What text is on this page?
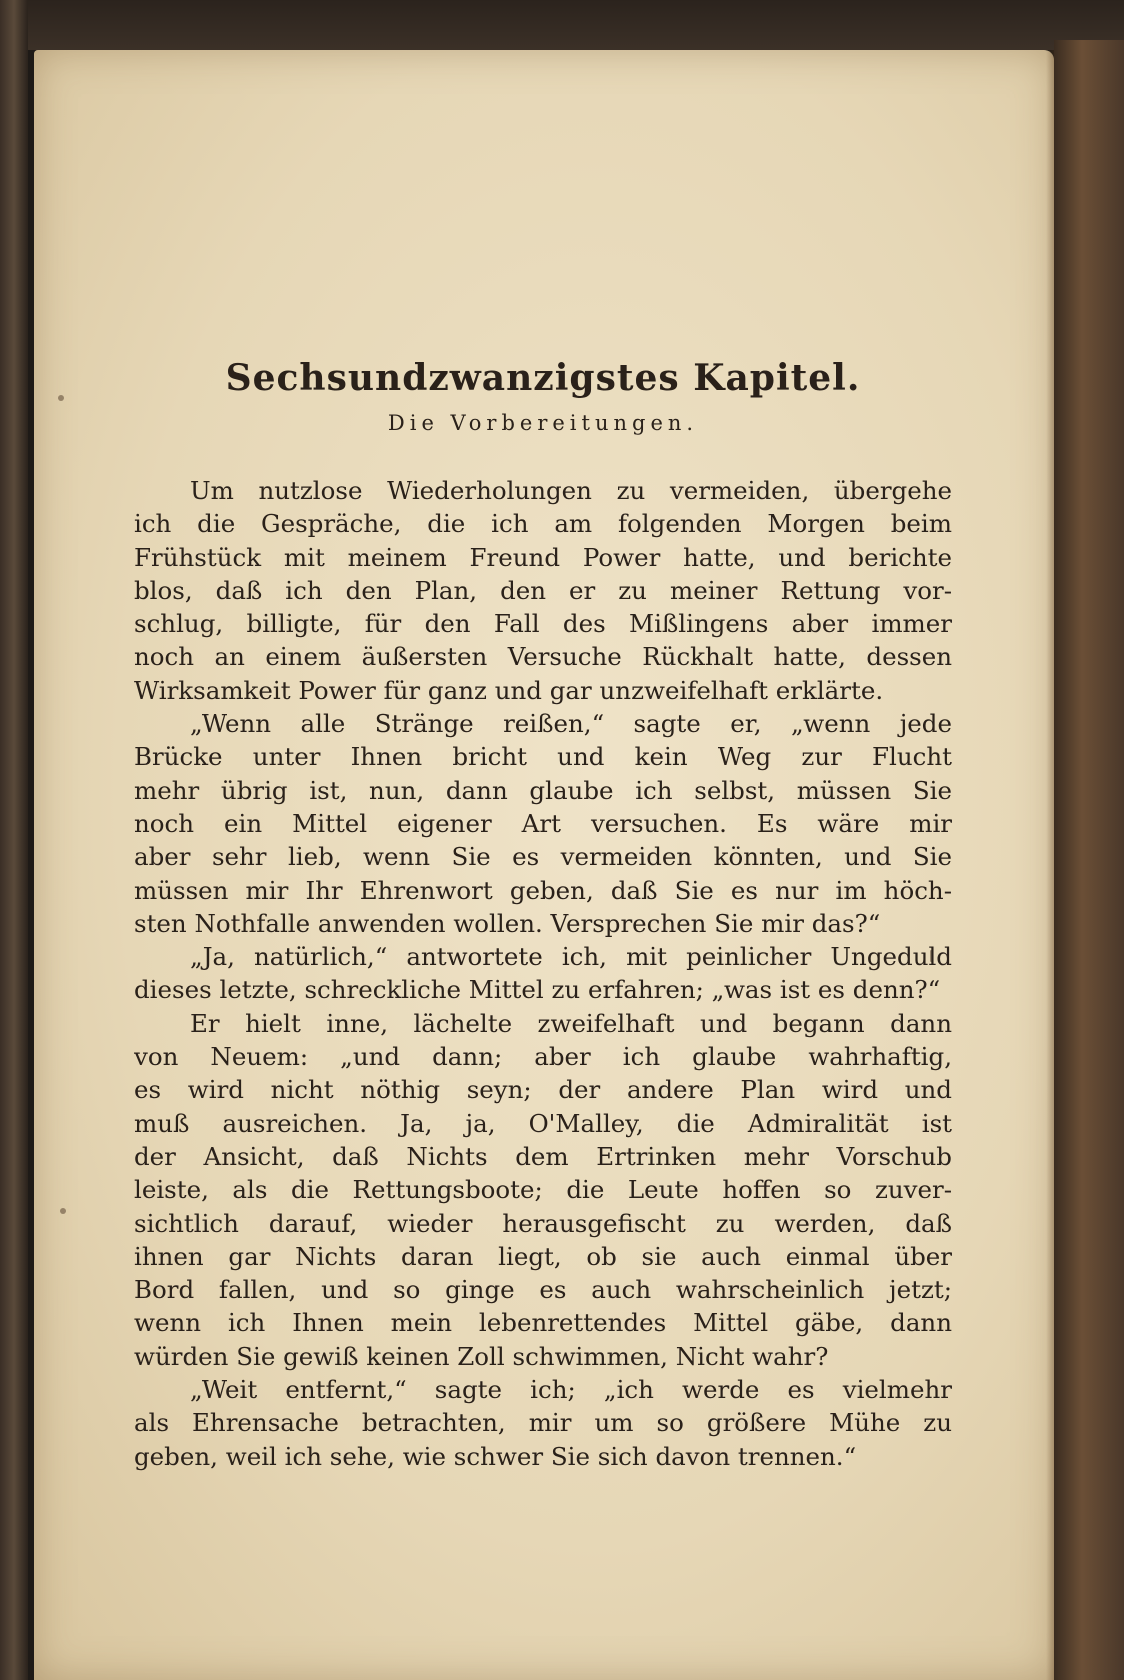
Sechsundzwanzigstes Kapitel.

Die Vorbereitungen.

Um nutzlose Wiederholungen zu vermeiden, übergehe
ich die Gespräche, die ich am folgenden Morgen beim
Frühstück mit meinem Freund Power hatte, und berichte
blos, daß ich den Plan, den er zu meiner Rettung vor-
schlug, billigte, für den Fall des Mißlingens aber immer
noch an einem äußersten Versuche Rückhalt hatte, dessen
Wirksamkeit Power für ganz und gar unzweifelhaft erklärte.
„Wenn alle Stränge reißen,“ sagte er, „wenn jede
Brücke unter Ihnen bricht und kein Weg zur Flucht
mehr übrig ist, nun, dann glaube ich selbst, müssen Sie
noch ein Mittel eigener Art versuchen. Es wäre mir
aber sehr lieb, wenn Sie es vermeiden könnten, und Sie
müssen mir Ihr Ehrenwort geben, daß Sie es nur im höch-
sten Nothfalle anwenden wollen. Versprechen Sie mir das?“
„Ja, natürlich,“ antwortete ich, mit peinlicher Ungeduld
dieses letzte, schreckliche Mittel zu erfahren; „was ist es denn?“
Er hielt inne, lächelte zweifelhaft und begann dann
von Neuem: „und dann; aber ich glaube wahrhaftig,
es wird nicht nöthig seyn; der andere Plan wird und
muß ausreichen. Ja, ja, O'Malley, die Admiralität ist
der Ansicht, daß Nichts dem Ertrinken mehr Vorschub
leiste, als die Rettungsboote; die Leute hoffen so zuver-
sichtlich darauf, wieder herausgefischt zu werden, daß
ihnen gar Nichts daran liegt, ob sie auch einmal über
Bord fallen, und so ginge es auch wahrscheinlich jetzt;
wenn ich Ihnen mein lebenrettendes Mittel gäbe, dann
würden Sie gewiß keinen Zoll schwimmen, Nicht wahr?
„Weit entfernt,“ sagte ich; „ich werde es vielmehr
als Ehrensache betrachten, mir um so größere Mühe zu
geben, weil ich sehe, wie schwer Sie sich davon trennen.“
